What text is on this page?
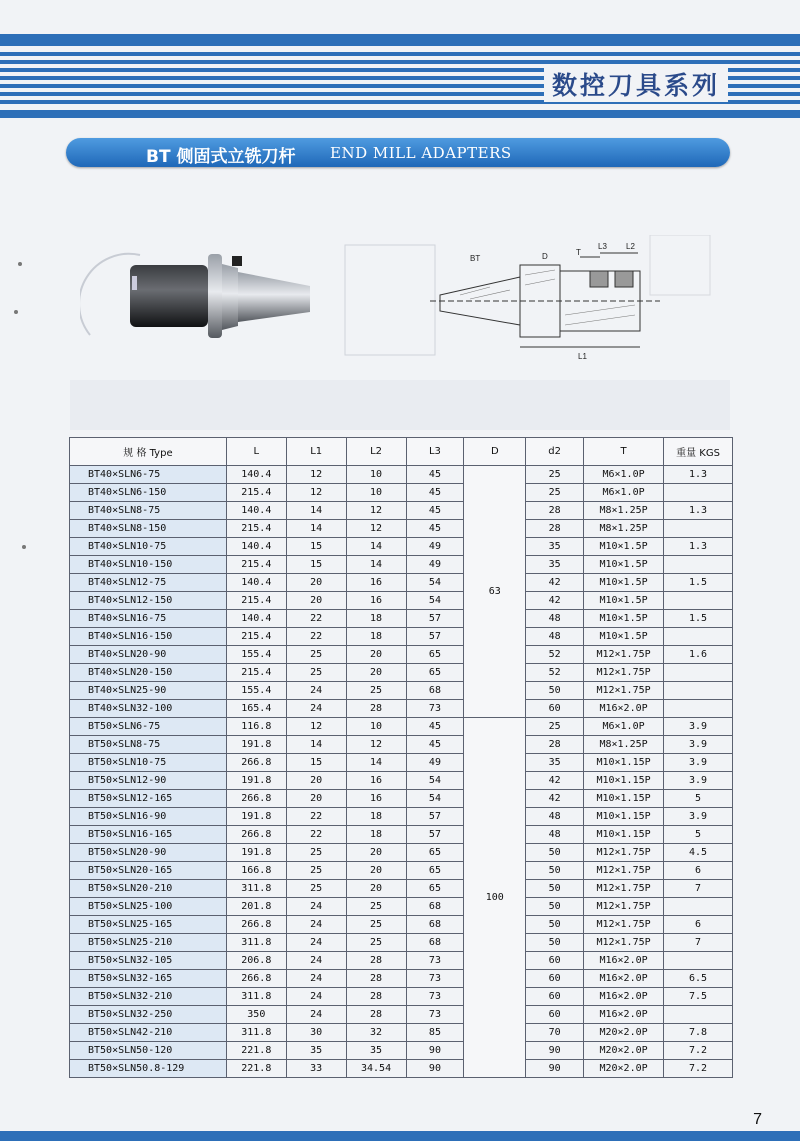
数控刀具系列
BT 侧固式立铣刀杆 END MILL ADAPTERS
BT	D	T
L3 L2
L1
规 格 Type	L	L1	L2	L3	D	d2	T	重量 KGS
BT40×SLN6-75	140.4	12	10	45	63	25	M6×1.0P	1.3
BT40×SLN6-150	215.4	12	10	45		25	M6×1.0P	
BT40×SLN8-75	140.4	14	12	45		28	M8×1.25P	1.3
BT40×SLN8-150	215.4	14	12	45		28	M8×1.25P	
BT40×SLN10-75	140.4	15	14	49		35	M10×1.5P	1.3
BT40×SLN10-150	215.4	15	14	49		35	M10×1.5P	
BT40×SLN12-75	140.4	20	16	54		42	M10×1.5P	1.5
BT40×SLN12-150	215.4	20	16	54		42	M10×1.5P	
BT40×SLN16-75	140.4	22	18	57		48	M10×1.5P	1.5
BT40×SLN16-150	215.4	22	18	57		48	M10×1.5P	
BT40×SLN20-90	155.4	25	20	65		52	M12×1.75P	1.6
BT40×SLN20-150	215.4	25	20	65		52	M12×1.75P	
BT40×SLN25-90	155.4	24	25	68		50	M12×1.75P	
BT40×SLN32-100	165.4	24	28	73		60	M16×2.0P	
BT50×SLN6-75	116.8	12	10	45	100	25	M6×1.0P	3.9
BT50×SLN8-75	191.8	14	12	45		28	M8×1.25P	3.9
BT50×SLN10-75	266.8	15	14	49		35	M10×1.15P	3.9
BT50×SLN12-90	191.8	20	16	54		42	M10×1.15P	3.9
BT50×SLN12-165	266.8	20	16	54		42	M10×1.15P	5
BT50×SLN16-90	191.8	22	18	57		48	M10×1.15P	3.9
BT50×SLN16-165	266.8	22	18	57		48	M10×1.15P	5
BT50×SLN20-90	191.8	25	20	65		50	M12×1.75P	4.5
BT50×SLN20-165	166.8	25	20	65		50	M12×1.75P	6
BT50×SLN20-210	311.8	25	20	65		50	M12×1.75P	7
BT50×SLN25-100	201.8	24	25	68		50	M12×1.75P	
BT50×SLN25-165	266.8	24	25	68		50	M12×1.75P	6
BT50×SLN25-210	311.8	24	25	68		50	M12×1.75P	7
BT50×SLN32-105	206.8	24	28	73		60	M16×2.0P	
BT50×SLN32-165	266.8	24	28	73		60	M16×2.0P	6.5
BT50×SLN32-210	311.8	24	28	73		60	M16×2.0P	7.5
BT50×SLN32-250	350	24	28	73		60	M16×2.0P	
BT50×SLN42-210	311.8	30	32	85		70	M20×2.0P	7.8
BT50×SLN50-120	221.8	35	35	90		90	M20×2.0P	7.2
BT50×SLN50.8-129	221.8	33	34.54	90		90	M20×2.0P	7.2
7
